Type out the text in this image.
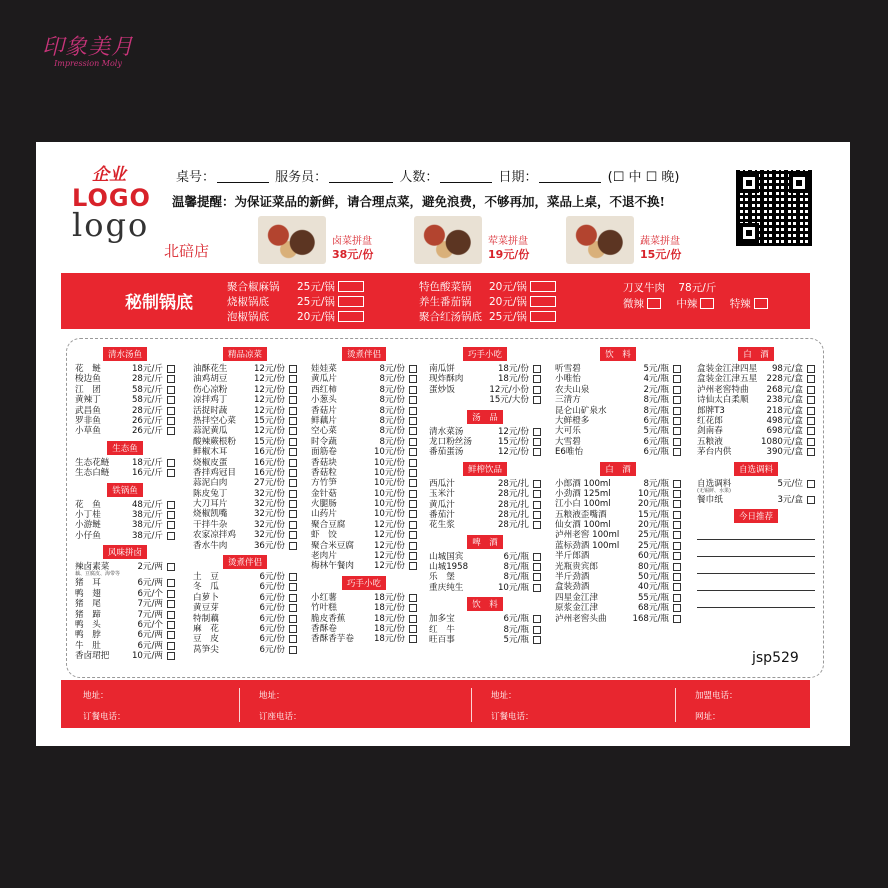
印象美月
Impression Moly
企业
LOGO
logo
北碚店
桌号：	服务员：	人数：	日期：	(☐ 中 ☐ 晚)
温馨提醒：为保证菜品的新鲜，请合理点菜，避免浪费，不够再加，菜品上桌，不退不换!
卤菜拼盘
38元/份
荤菜拼盘
19元/份
蔬菜拼盘
15元/份
秘制锅底
聚合椒麻锅 25元/锅
烧椒锅底	25元/锅
泡椒锅底	20元/锅
特色酸菜锅 20元/锅
养生番茄锅 20元/锅
聚合红汤锅底 25元/锅
刀叉牛肉 78元/斤
微辣	中辣	特辣
清水汤鱼
花　鲢	18元/斤
梭边鱼	28元/斤
江　团	58元/斤
黄辣丁	58元/斤
武昌鱼	28元/斤
罗非鱼	26元/斤
小草鱼	26元/斤
生态鱼
生态花鲢	18元/斤
生态白鲢	16元/斤
铁锅鱼
花　鱼	48元/斤
小丁桂	38元/斤
小游鲢	38元/斤
小仔鱼	38元/斤
风味拼卤
辣卤素菜	2元/两
藕、豆腐皮、海带等
猪　耳	6元/两
鸭　翅	6元/个
猪　尾	7元/两
猪　蹄	7元/两
鸭　头	6元/个
鸭　脖	6元/两
牛　肚	6元/两
香卤珺把	10元/两
精品凉菜
油酥花生	12元/份
油鸡胡豆	12元/份
伤心凉粉	12元/份
凉拌鸡丁	12元/份
活捉时蔬	12元/份
热拌空心菜 15元/份
蒜泥黄瓜	12元/份
酸辣蕨根粉 15元/份
鲜椒木耳	16元/份
烧椒皮蛋	16元/份
香拌鸡冠目 16元/份
蒜泥白肉	27元/份
陈皮兔丁	32元/份
大刀耳片	32元/份
烧椒凯嘴	32元/份
干拌牛杂	32元/份
农家凉拌鸡 32元/份
香水牛肉	36元/份
烫煮伴侣
土　豆	6元/份
冬　瓜	6元/份
白萝卜	6元/份
黄豆芽	6元/份
特制藕	6元/份
麻　花	6元/份
豆　皮	6元/份
莴笋尖	6元/份
烫煮伴侣
娃娃菜	8元/份
黄瓜片	8元/份
西红柿	8元/份
小葱头	8元/份
香菇片	8元/份
鲜藕片	8元/份
空心菜	8元/份
时令蔬	8元/份
面筋卷	10元/份
香菇块	10元/份
香菇粒	10元/份
方竹笋	10元/份
金针菇	10元/份
火腿肠	10元/份
山药片	10元/份
聚合豆腐	12元/份
虾　饺	12元/份
聚合米豆腐 12元/份
老肉片	12元/份
梅林午餐肉 12元/份
巧手小吃
小红薯	18元/份
竹叶糕	18元/份
脆皮香蕉	18元/份
香酥卷	18元/份
香酥香芋卷 18元/份
巧手小吃
南瓜饼	18元/份
现炸酥肉	18元/份
蛋炒饭	12元/小份
15元/大份
汤　品
清水菜汤	12元/份
龙口粉丝汤	15元/份
番茄蛋汤	12元/份
鲜榨饮品
西瓜汁	28元/扎
玉米汁	28元/扎
黄瓜汁	28元/扎
番茄汁	28元/扎
花生浆	28元/扎
啤　酒
山城国宾	6元/瓶
山城1958	8元/瓶
乐　堡	8元/瓶
重庆纯生	10元/瓶
饮　料
加多宝	6元/瓶
红　牛	8元/瓶
旺百事	5元/瓶
饮　料
听雪碧	5元/瓶
小唯怡	4元/瓶
农夫山泉	2元/瓶
三清方	8元/瓶
昆仑山矿泉水	8元/瓶
大鲜橙多	6元/瓶
大可乐	5元/瓶
大雪碧	6元/瓶
E6唯怡	6元/瓶
白　酒
小郎酒 100ml	8元/瓶
小劲酒 125ml	10元/瓶
江小白 100ml	20元/瓶
五粮液歪嘴酒	15元/瓶
仙女酒 100ml	20元/瓶
泸州老窖 100ml 25元/瓶
蓝标劲酒 100ml 25元/瓶
半斤郎酒	60元/瓶
光瓶贵宾郎	80元/瓶
半斤劲酒	50元/瓶
盒装劲酒	40元/瓶
四星金江津	55元/瓶
原浆金江津	68元/瓶
泸州老窖头曲	168元/瓶
白　酒
盒装金江津四星 98元/盒
盒装金江津五星 228元/盒
泸州老窖特曲 268元/盒
诗仙太白柔顺 238元/盒
郎牌T3	218元/盒
红花郎	498元/盒
剑南春	698元/盒
五粮液	1080元/盒
茅台内供	390元/盒
自选调料
自选调料	5元/位
(无锡鲜、水果)
餐巾纸	3元/盒
今日推荐
jsp529
地址：
订餐电话：
地址：
订座电话：
地址：
订餐电话：
加盟电话：
网址：
